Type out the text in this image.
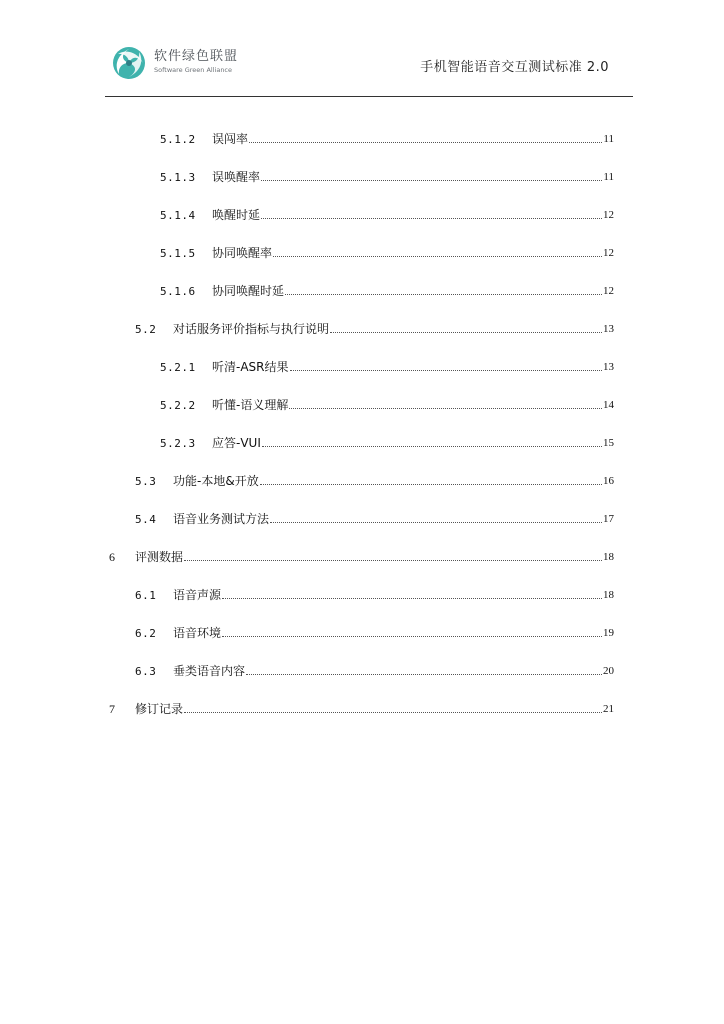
软件绿色联盟
Software Green Alliance	手机智能语音交互测试标准 2.0
5.1.2	误闯率	11
5.1.3	误唤醒率	11
5.1.4	唤醒时延	12
5.1.5	协同唤醒率	12
5.1.6	协同唤醒时延	12
5.2	对话服务评价指标与执行说明	13
5.2.1	听清-ASR结果	13
5.2.2	听懂-语义理解	14
5.2.3	应答-VUI	15
5.3	功能-本地&开放	16
5.4	语音业务测试方法	17
6	评测数据	18
6.1	语音声源	18
6.2	语音环境	19
6.3	垂类语音内容	20
7	修订记录	21
